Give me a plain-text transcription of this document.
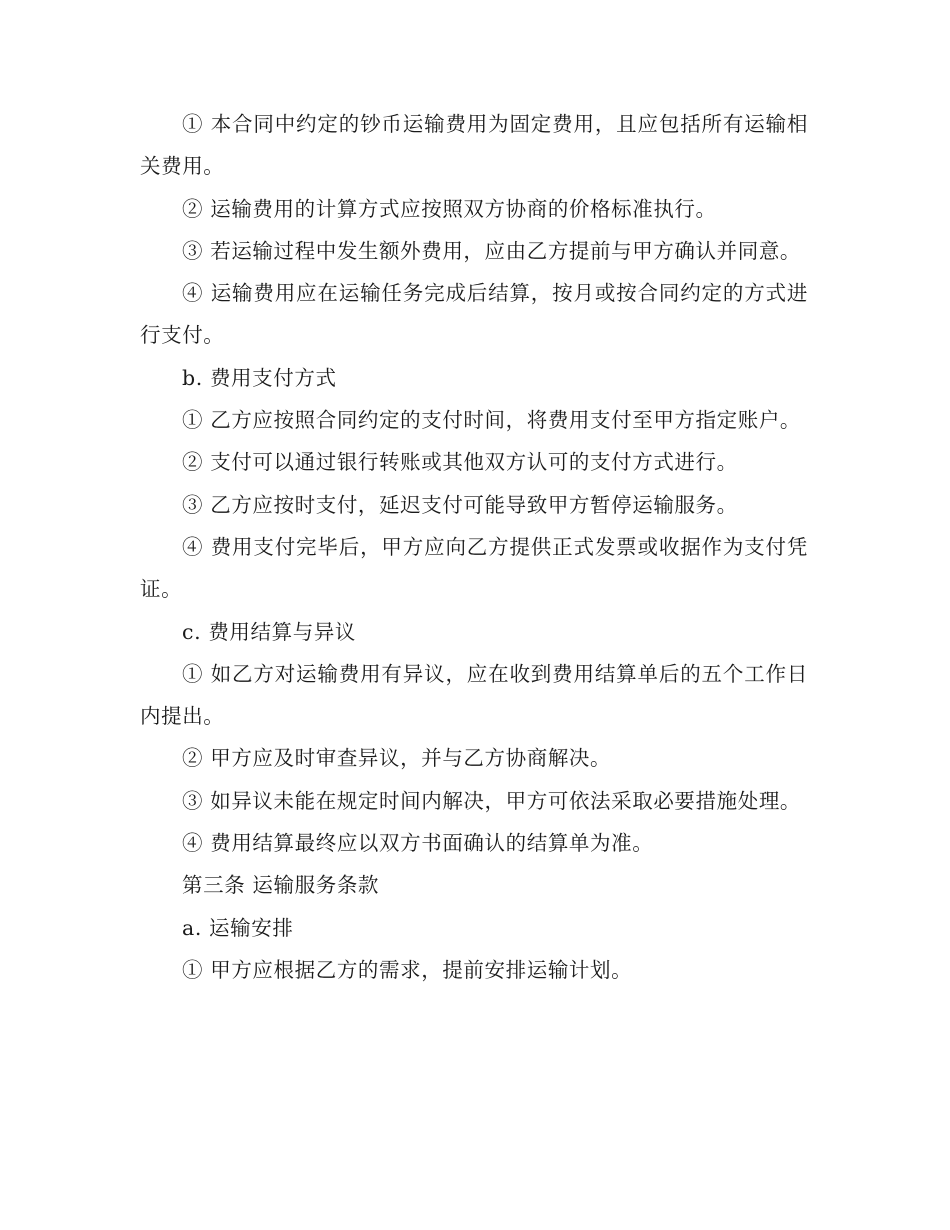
① 本合同中约定的钞币运输费用为固定费用，且应包括所有运输相关费用。

② 运输费用的计算方式应按照双方协商的价格标准执行。

③ 若运输过程中发生额外费用，应由乙方提前与甲方确认并同意。

④ 运输费用应在运输任务完成后结算，按月或按合同约定的方式进行支付。

b. 费用支付方式

① 乙方应按照合同约定的支付时间，将费用支付至甲方指定账户。

② 支付可以通过银行转账或其他双方认可的支付方式进行。

③ 乙方应按时支付，延迟支付可能导致甲方暂停运输服务。

④ 费用支付完毕后，甲方应向乙方提供正式发票或收据作为支付凭证。

c. 费用结算与异议

① 如乙方对运输费用有异议，应在收到费用结算单后的五个工作日内提出。

② 甲方应及时审查异议，并与乙方协商解决。

③ 如异议未能在规定时间内解决，甲方可依法采取必要措施处理。

④ 费用结算最终应以双方书面确认的结算单为准。

第三条 运输服务条款

a. 运输安排

① 甲方应根据乙方的需求，提前安排运输计划。
